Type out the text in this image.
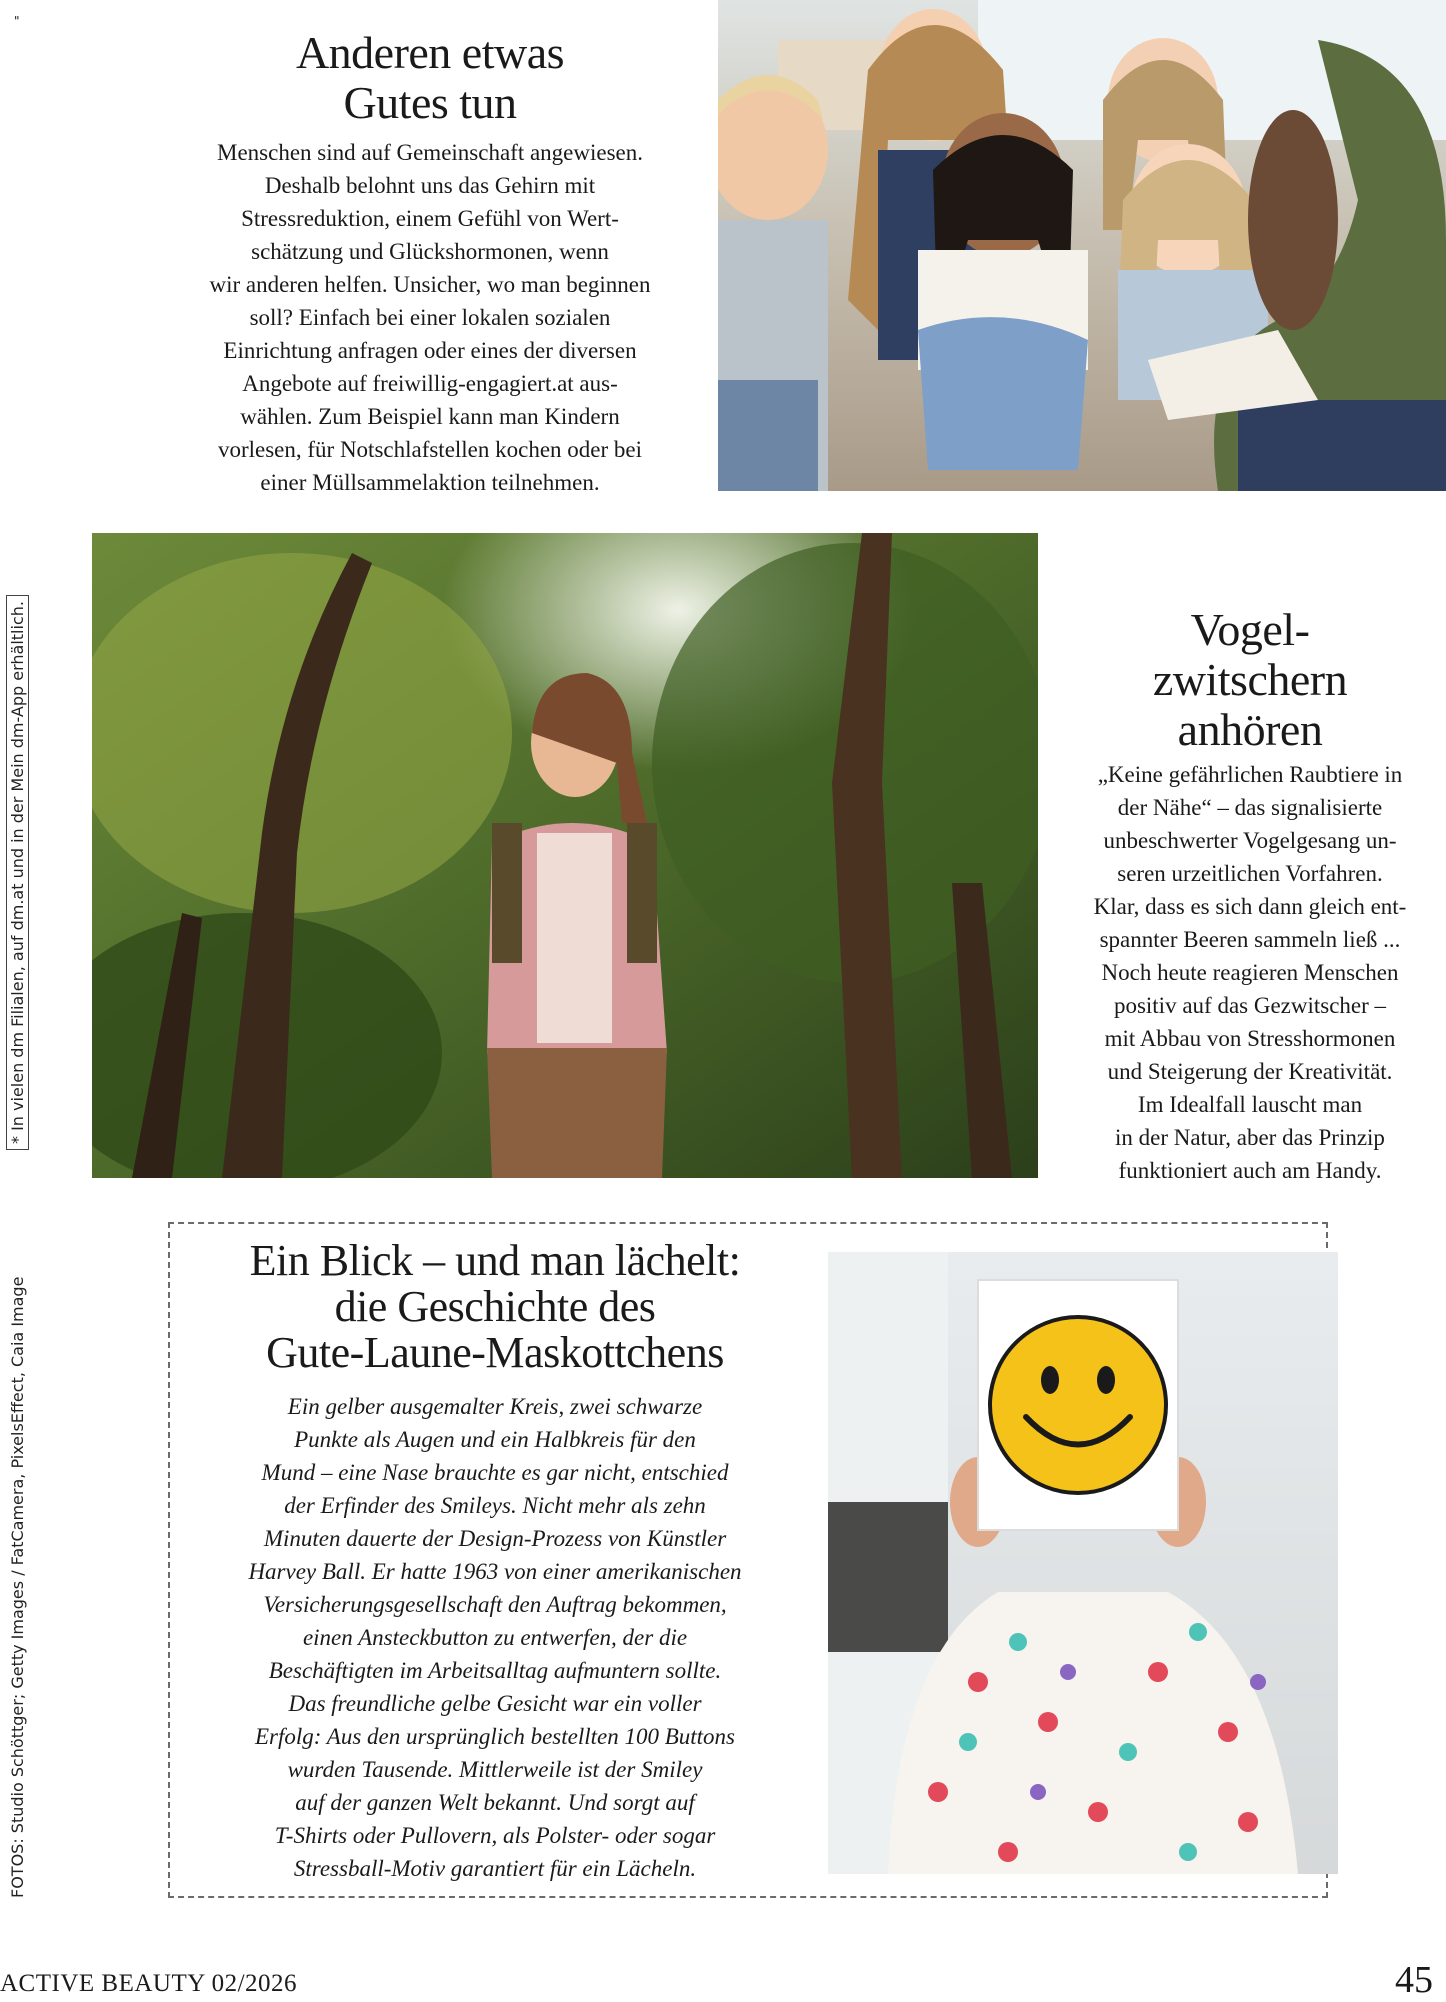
"
Anderen etwas
Gutes tun
Menschen sind auf Gemeinschaft angewiesen.
Deshalb belohnt uns das Gehirn mit
Stressreduktion, einem Gefühl von Wert-
schätzung und Glückshormonen, wenn
wir anderen helfen. Unsicher, wo man beginnen
soll? Einfach bei einer lokalen sozialen
Einrichtung anfragen oder eines der diversen
Angebote auf freiwillig-engagiert.at aus-
wählen. Zum Beispiel kann man Kindern
vorlesen, für Notschlafstellen kochen oder bei
einer Müllsammelaktion teilnehmen.
Vogel-
zwitschern
anhören
„Keine gefährlichen Raubtiere in
der Nähe“ – das signalisierte
unbeschwerter Vogelgesang un-
seren urzeitlichen Vorfahren.
Klar, dass es sich dann gleich ent-
spannter Beeren sammeln ließ ...
Noch heute reagieren Menschen
positiv auf das Gezwitscher –
mit Abbau von Stresshormonen
und Steigerung der Kreativität.
Im Idealfall lauscht man
in der Natur, aber das Prinzip
funktioniert auch am Handy.
Ein Blick – und man lächelt:
die Geschichte des
Gute-Laune-Maskottchens
Ein gelber ausgemalter Kreis, zwei schwarze
Punkte als Augen und ein Halbkreis für den
Mund – eine Nase brauchte es gar nicht, entschied
der Erfinder des Smileys. Nicht mehr als zehn
Minuten dauerte der Design-Prozess von Künstler
Harvey Ball. Er hatte 1963 von einer amerikanischen
Versicherungsgesellschaft den Auftrag bekommen,
einen Ansteckbutton zu entwerfen, der die
Beschäftigten im Arbeitsalltag aufmuntern sollte.
Das freundliche gelbe Gesicht war ein voller
Erfolg: Aus den ursprünglich bestellten 100 Buttons
wurden Tausende. Mittlerweile ist der Smiley
auf der ganzen Welt bekannt. Und sorgt auf
T-Shirts oder Pullovern, als Polster- oder sogar
Stressball-Motiv garantiert für ein Lächeln.
* In vielen dm Filialen, auf dm.at und in der Mein dm-App erhältlich.
FOTOS: Studio Schöttger; Getty Images / FatCamera, PixelsEffect, Caia Image
ACTIVE BEAUTY 02/2026	45
